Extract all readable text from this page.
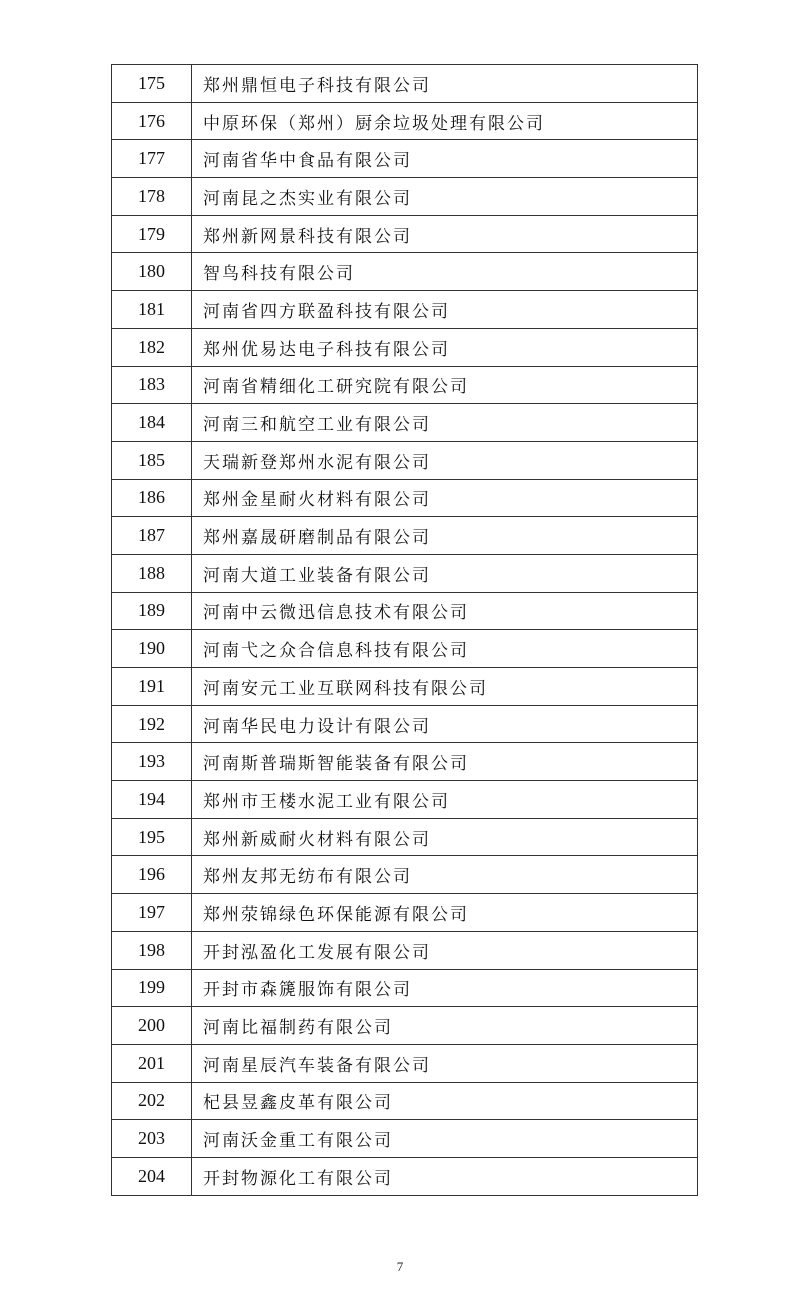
175	郑州鼎恒电子科技有限公司
176	中原环保（郑州）厨余垃圾处理有限公司
177	河南省华中食品有限公司
178	河南昆之杰实业有限公司
179	郑州新网景科技有限公司
180	智鸟科技有限公司
181	河南省四方联盈科技有限公司
182	郑州优易达电子科技有限公司
183	河南省精细化工研究院有限公司
184	河南三和航空工业有限公司
185	天瑞新登郑州水泥有限公司
186	郑州金星耐火材料有限公司
187	郑州嘉晟研磨制品有限公司
188	河南大道工业装备有限公司
189	河南中云微迅信息技术有限公司
190	河南弋之众合信息科技有限公司
191	河南安元工业互联网科技有限公司
192	河南华民电力设计有限公司
193	河南斯普瑞斯智能装备有限公司
194	郑州市王楼水泥工业有限公司
195	郑州新威耐火材料有限公司
196	郑州友邦无纺布有限公司
197	郑州荥锦绿色环保能源有限公司
198	开封泓盈化工发展有限公司
199	开封市森篪服饰有限公司
200	河南比福制药有限公司
201	河南星辰汽车装备有限公司
202	杞县昱鑫皮革有限公司
203	河南沃金重工有限公司
204	开封物源化工有限公司
7
